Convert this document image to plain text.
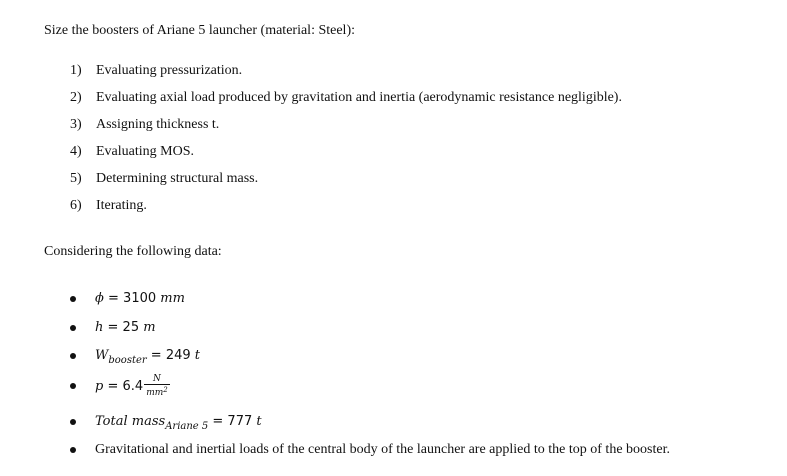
Size the boosters of Ariane 5 launcher (material: Steel):
1) Evaluating pressurization.
2) Evaluating axial load produced by gravitation and inertia (aerodynamic resistance negligible).
3) Assigning thickness t.
4) Evaluating MOS.
5) Determining structural mass.
6) Iterating.
Considering the following data:
ϕ = 3100 mm
h = 25 m
$W_{booster} = 249$ t
$p = 6.4 \frac{N}{mm^2}$
Total mass$_{Ariane 5}$ = 777 t
Gravitational and inertial loads of the central body of the launcher are applied to the top of the booster.
